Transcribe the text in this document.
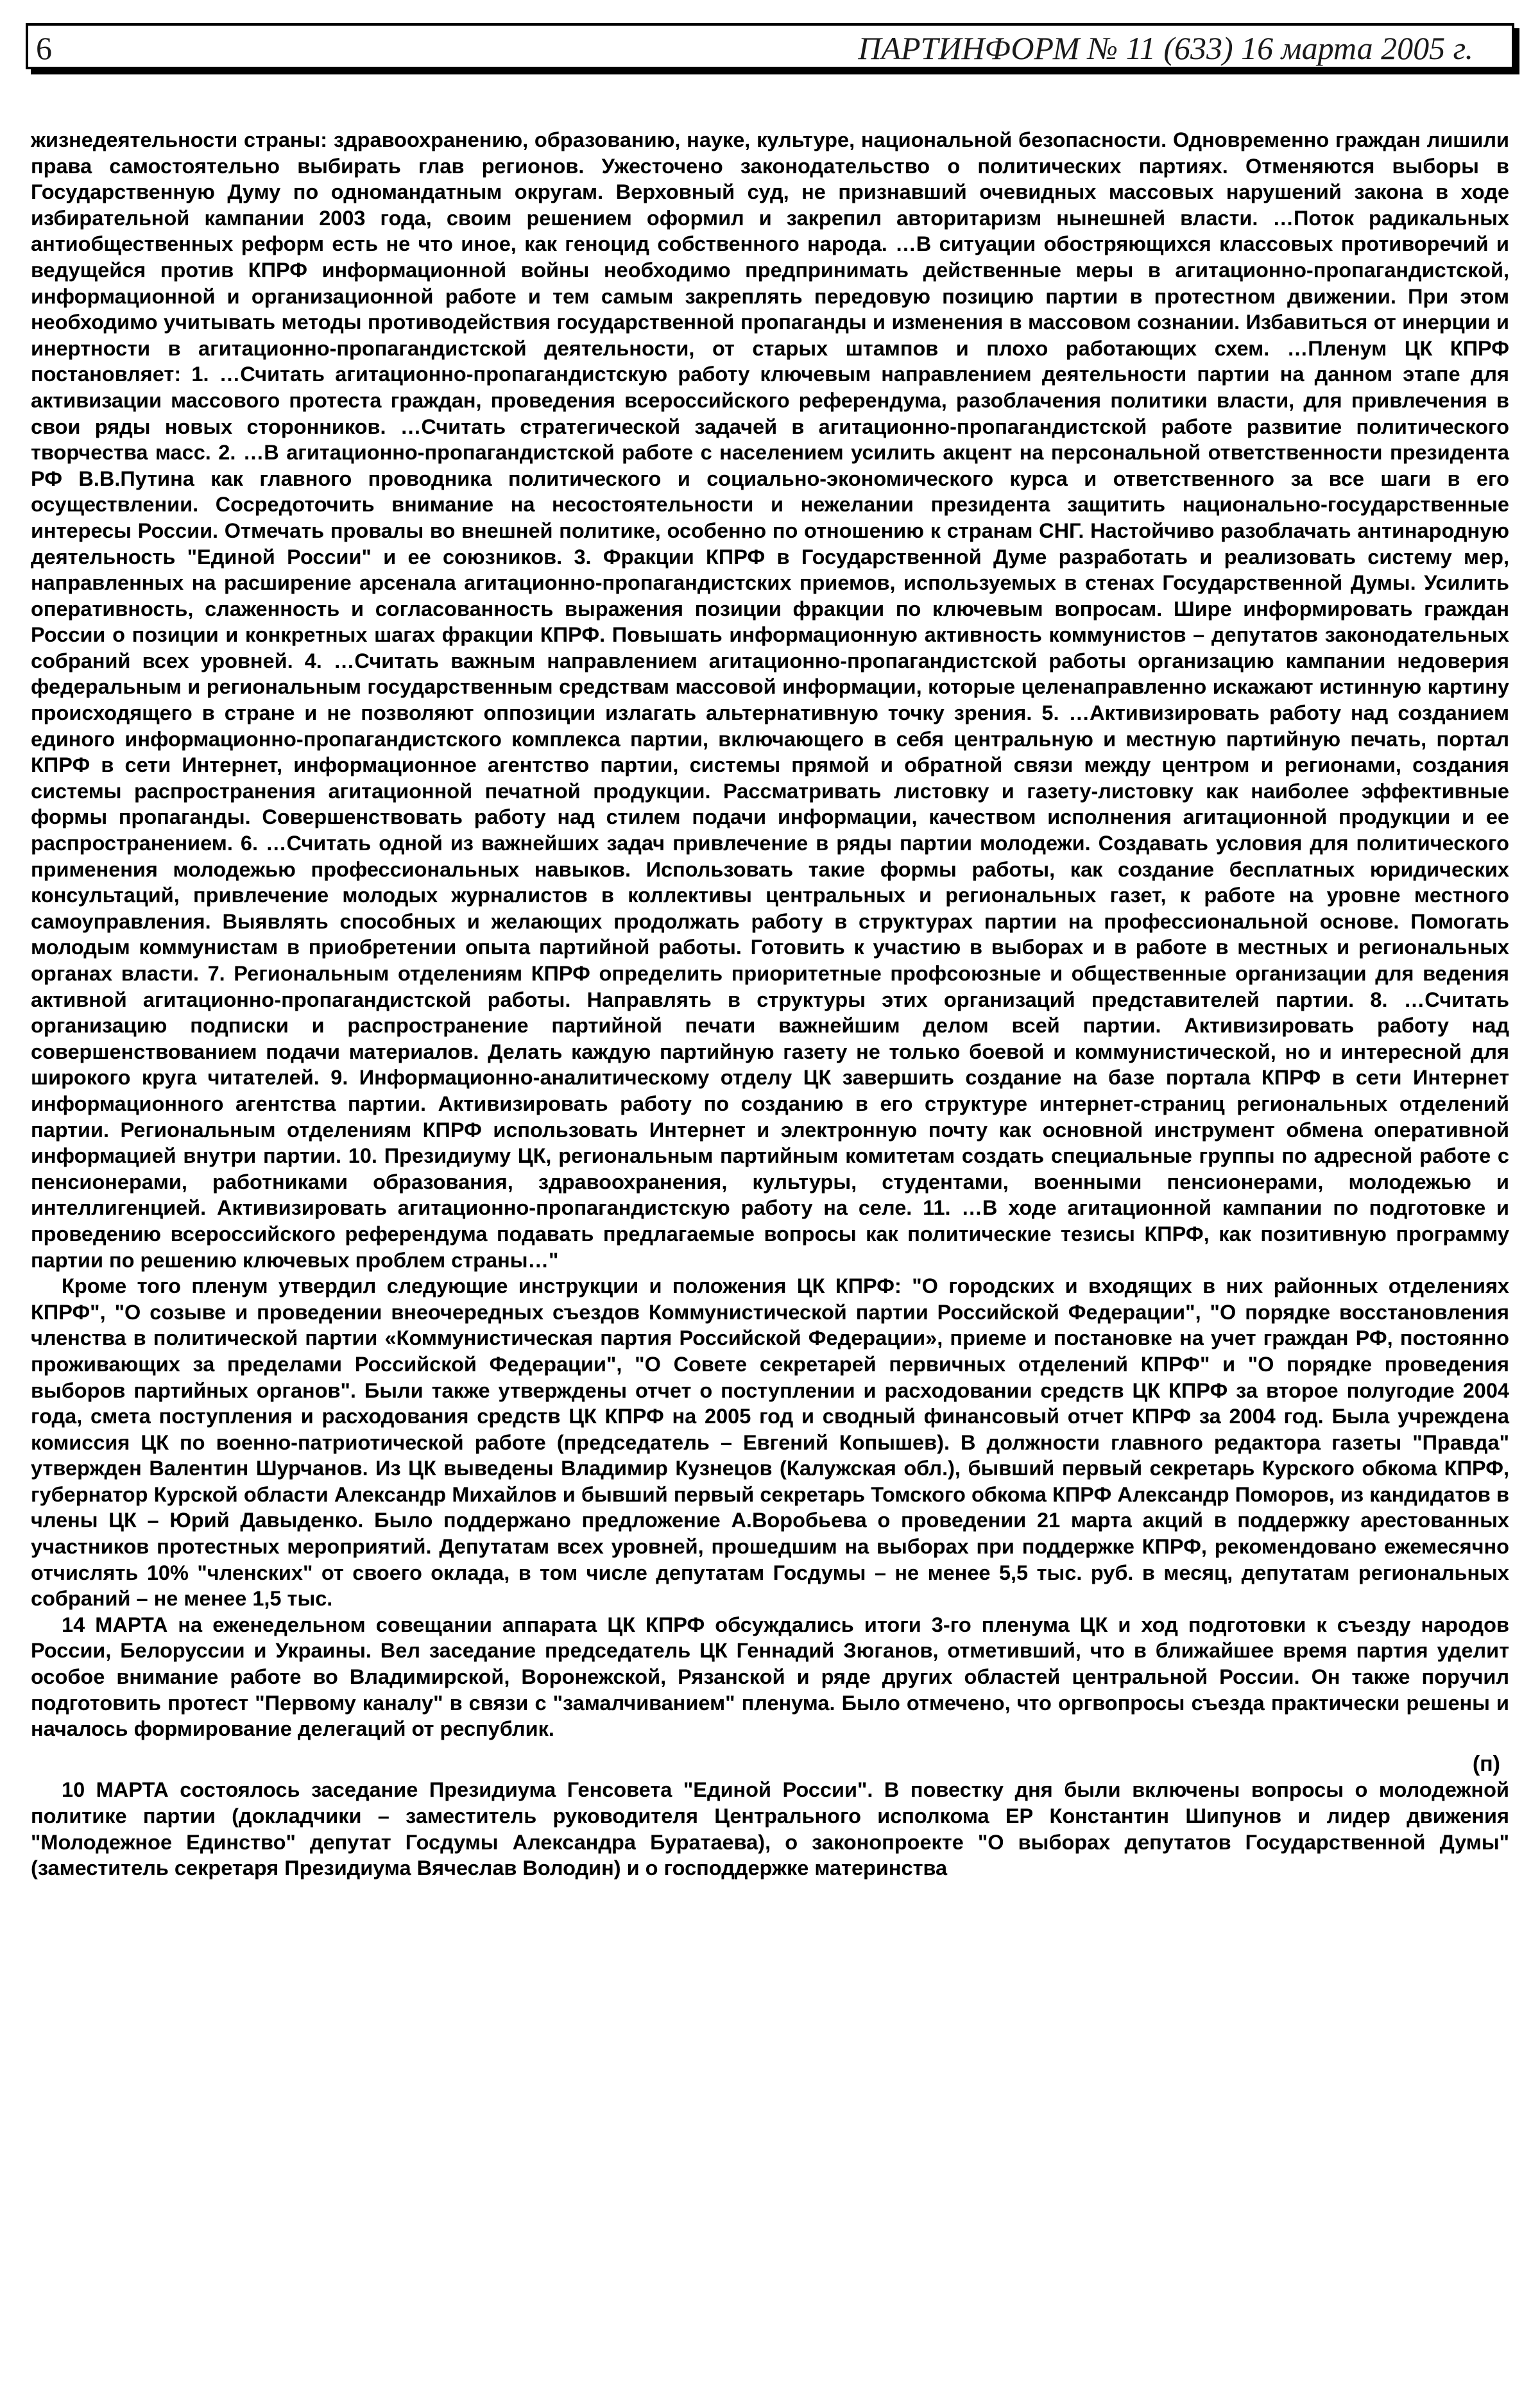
6	ПАРТИНФОРМ № 11 (633) 16 марта 2005 г.

жизнедеятельности страны: здравоохранению, образованию, науке, культуре, национальной безопасности. Одновременно граждан лишили права самостоятельно выбирать глав регионов. Ужесточено законодательство о политических партиях. Отменяются выборы в Государственную Думу по одномандатным округам. Верховный суд, не признавший очевидных массовых нарушений закона в ходе избирательной кампании 2003 года, своим решением оформил и закрепил авторитаризм нынешней власти. …Поток радикальных антиобщественных реформ есть не что иное, как геноцид собственного народа. …В ситуации обостряющихся классовых противоречий и ведущейся против КПРФ информационной войны необходимо предпринимать действенные меры в агитационно-пропагандистской, информационной и организационной работе и тем самым закреплять передовую позицию партии в протестном движении. При этом необходимо учитывать методы противодействия государственной пропаганды и изменения в массовом сознании. Избавиться от инерции и инертности в агитационно-пропагандистской деятельности, от старых штампов и плохо работающих схем. …Пленум ЦК КПРФ постановляет: 1. …Считать агитационно-пропагандистскую работу ключевым направлением деятельности партии на данном этапе для активизации массового протеста граждан, проведения всероссийского референдума, разоблачения политики власти, для привлечения в свои ряды новых сторонников. …Считать стратегической задачей в агитационно-пропагандистской работе развитие политического творчества масс. 2. …В агитационно-пропагандистской работе с населением усилить акцент на персональной ответственности президента РФ В.В.Путина как главного проводника политического и социально-экономического курса и ответственного за все шаги в его осуществлении. Сосредоточить внимание на несостоятельности и нежелании президента защитить национально-государственные интересы России. Отмечать провалы во внешней политике, особенно по отношению к странам СНГ. Настойчиво разоблачать антинародную деятельность "Единой России" и ее союзников. 3. Фракции КПРФ в Государственной Думе разработать и реализовать систему мер, направленных на расширение арсенала агитационно-пропагандистских приемов, используемых в стенах Государственной Думы. Усилить оперативность, слаженность и согласованность выражения позиции фракции по ключевым вопросам. Шире информировать граждан России о позиции и конкретных шагах фракции КПРФ. Повышать информационную активность коммунистов – депутатов законодательных собраний всех уровней. 4. …Считать важным направлением агитационно-пропагандистской работы организацию кампании недоверия федеральным и региональным государственным средствам массовой информации, которые целенаправленно искажают истинную картину происходящего в стране и не позволяют оппозиции излагать альтернативную точку зрения. 5. …Активизировать работу над созданием единого информационно-пропагандистского комплекса партии, включающего в себя центральную и местную партийную печать, портал КПРФ в сети Интернет, информационное агентство партии, системы прямой и обратной связи между центром и регионами, создания системы распространения агитационной печатной продукции. Рассматривать листовку и газету-листовку как наиболее эффективные формы пропаганды. Совершенствовать работу над стилем подачи информации, качеством исполнения агитационной продукции и ее распространением. 6. …Считать одной из важнейших задач привлечение в ряды партии молодежи. Создавать условия для политического применения молодежью профессиональных навыков. Использовать такие формы работы, как создание бесплатных юридических консультаций, привлечение молодых журналистов в коллективы центральных и региональных газет, к работе на уровне местного самоуправления. Выявлять способных и желающих продолжать работу в структурах партии на профессиональной основе. Помогать молодым коммунистам в приобретении опыта партийной работы. Готовить к участию в выборах и в работе в местных и региональных органах власти. 7. Региональным отделениям КПРФ определить приоритетные профсоюзные и общественные организации для ведения активной агитационно-пропагандистской работы. Направлять в структуры этих организаций представителей партии. 8. …Считать организацию подписки и распространение партийной печати важнейшим делом всей партии. Активизировать работу над совершенствованием подачи материалов. Делать каждую партийную газету не только боевой и коммунистической, но и интересной для широкого круга читателей. 9. Информационно-аналитическому отделу ЦК завершить создание на базе портала КПРФ в сети Интернет информационного агентства партии. Активизировать работу по созданию в его структуре интернет-страниц региональных отделений партии. Региональным отделениям КПРФ использовать Интернет и электронную почту как основной инструмент обмена оперативной информацией внутри партии. 10. Президиуму ЦК, региональным партийным комитетам создать специальные группы по адресной работе с пенсионерами, работниками образования, здравоохранения, культуры, студентами, военными пенсионерами, молодежью и интеллигенцией. Активизировать агитационно-пропагандистскую работу на селе. 11. …В ходе агитационной кампании по подготовке и проведению всероссийского референдума подавать предлагаемые вопросы как политические тезисы КПРФ, как позитивную программу партии по решению ключевых проблем страны…"

Кроме того пленум утвердил следующие инструкции и положения ЦК КПРФ: "О городских и входящих в них районных отделениях КПРФ", "О созыве и проведении внеочередных съездов Коммунистической партии Российской Федерации", "О порядке восстановления членства в политической партии «Коммунистическая партия Российской Федерации», приеме и постановке на учет граждан РФ, постоянно проживающих за пределами Российской Федерации", "О Совете секретарей первичных отделений КПРФ" и "О порядке проведения выборов партийных органов". Были также утверждены отчет о поступлении и расходовании средств ЦК КПРФ за второе полугодие 2004 года, смета поступления и расходования средств ЦК КПРФ на 2005 год и сводный финансовый отчет КПРФ за 2004 год. Была учреждена комиссия ЦК по военно-патриотической работе (председатель – Евгений Копышев). В должности главного редактора газеты "Правда" утвержден Валентин Шурчанов. Из ЦК выведены Владимир Кузнецов (Калужская обл.), бывший первый секретарь Курского обкома КПРФ, губернатор Курской области Александр Михайлов и бывший первый секретарь Томского обкома КПРФ Александр Поморов, из кандидатов в члены ЦК – Юрий Давыденко. Было поддержано предложение А.Воробьева о проведении 21 марта акций в поддержку арестованных участников протестных мероприятий. Депутатам всех уровней, прошедшим на выборах при поддержке КПРФ, рекомендовано ежемесячно отчислять 10% "членских" от своего оклада, в том числе депутатам Госдумы – не менее 5,5 тыс. руб. в месяц, депутатам региональных собраний – не менее 1,5 тыс.

14 МАРТА на еженедельном совещании аппарата ЦК КПРФ обсуждались итоги 3-го пленума ЦК и ход подготовки к съезду народов России, Белоруссии и Украины. Вел заседание председатель ЦК Геннадий Зюганов, отметивший, что в ближайшее время партия уделит особое внимание работе во Владимирской, Воронежской, Рязанской и ряде других областей центральной России. Он также поручил подготовить протест "Первому каналу" в связи с "замалчиванием" пленума. Было отмечено, что оргвопросы съезда практически решены и началось формирование делегаций от республик.

(п)

10 МАРТА состоялось заседание Президиума Генсовета "Единой России". В повестку дня были включены вопросы о молодежной политике партии (докладчики – заместитель руководителя Центрального исполкома ЕР Константин Шипунов и лидер движения "Молодежное Единство" депутат Госдумы Александра Буратаева), о законопроекте "О выборах депутатов Государственной Думы" (заместитель секретаря Президиума Вячеслав Володин) и о господдержке материнства
